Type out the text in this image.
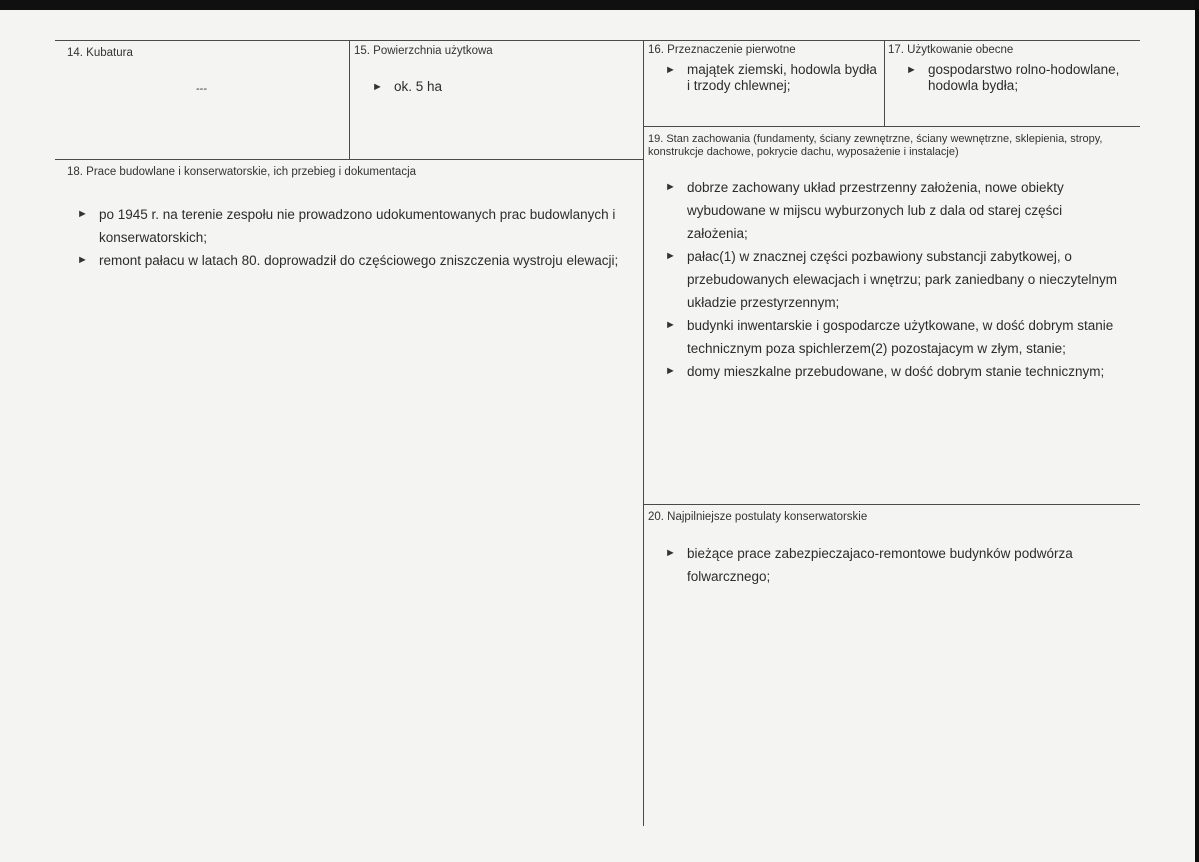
14. Kubatura
---
15. Powierzchnia użytkowa
► ok. 5 ha
16. Przeznaczenie pierwotne
► majątek ziemski, hodowla bydła i trzody chlewnej;
17. Użytkowanie obecne
► gospodarstwo rolno-hodowlane, hodowla bydła;
18. Prace budowlane i konserwatorskie, ich przebieg i dokumentacja
► po 1945 r. na terenie zespołu nie prowadzono udokumentowanych prac budowlanych i konserwatorskich;
► remont pałacu w latach 80. doprowadził do częściowego zniszczenia wystroju elewacji;
19. Stan zachowania (fundamenty, ściany zewnętrzne, ściany wewnętrzne, sklepienia, stropy, konstrukcje dachowe, pokrycie dachu, wyposażenie i instalacje)
► dobrze zachowany układ przestrzenny założenia, nowe obiekty wybudowane w mijscu wyburzonych lub z dala od starej części założenia;
► pałac(1) w znacznej części pozbawiony substancji zabytkowej, o przebudowanych elewacjach i wnętrzu; park zaniedbany o nieczytelnym układzie przestyrzennym;
► budynki inwentarskie i gospodarcze użytkowane, w dość dobrym stanie technicznym poza spichlerzem(2) pozostajacym w złym, stanie;
► domy mieszkalne przebudowane, w dość dobrym stanie technicznym;
20. Najpilniejsze postulaty konserwatorskie
► bieżące prace zabezpieczajaco-remontowe budynków podwórza folwarcznego;
